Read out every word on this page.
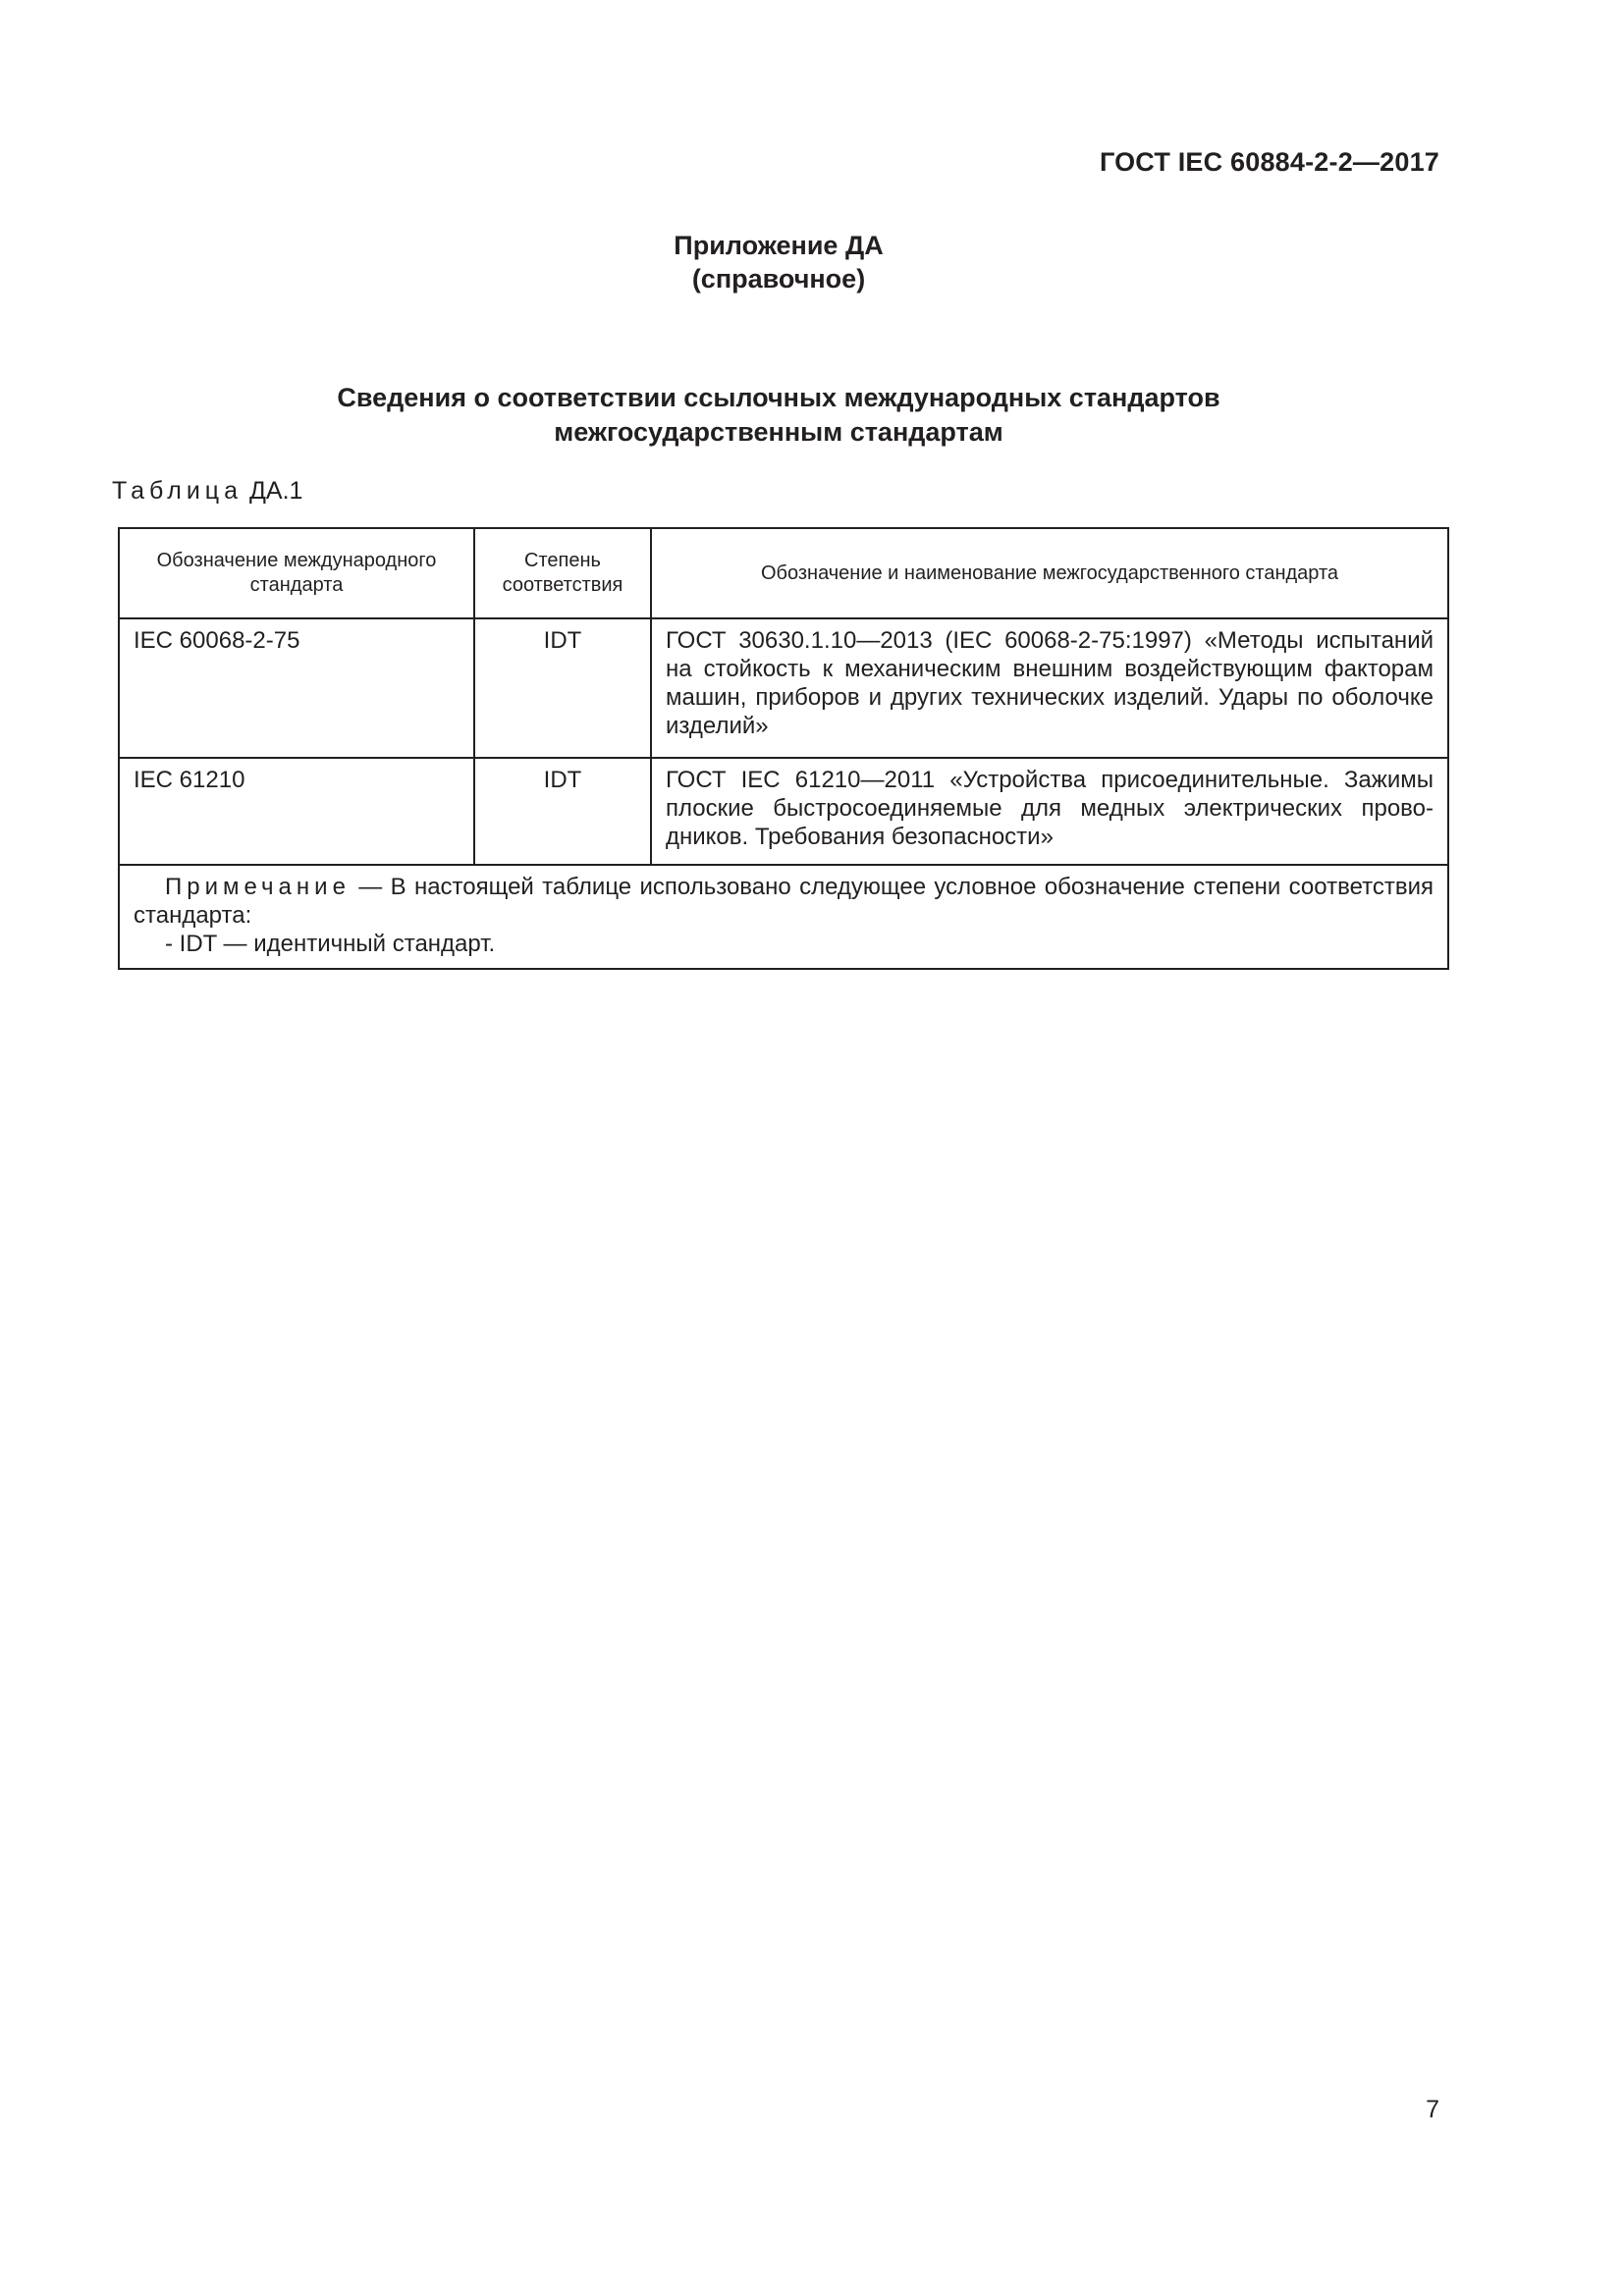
ГОСТ IEC 60884-2-2—2017
Приложение ДА
(справочное)
Сведения о соответствии ссылочных международных стандартов
межгосударственным стандартам
Таблица ДА.1
Обозначение международного стандарта	Степень соответствия	Обозначение и наименование межгосударственного стандарта
IEC 60068-2-75	IDT	ГОСТ 30630.1.10—2013 (IEC 60068-2-75:1997) «Методы испытаний на стойкость к механическим внешним воздействующим факторам машин, приборов и других технических изделий. Удары по оболочке изделий»
IEC 61210	IDT	ГОСТ IEC 61210—2011 «Устройства присоединительные. Зажимы плоские быстросоединяемые для медных электрических проводников. Требования безопасности»
Примечание — В настоящей таблице использовано следующее условное обозначение степени соответствия стандарта:
- IDT — идентичный стандарт.		
7
